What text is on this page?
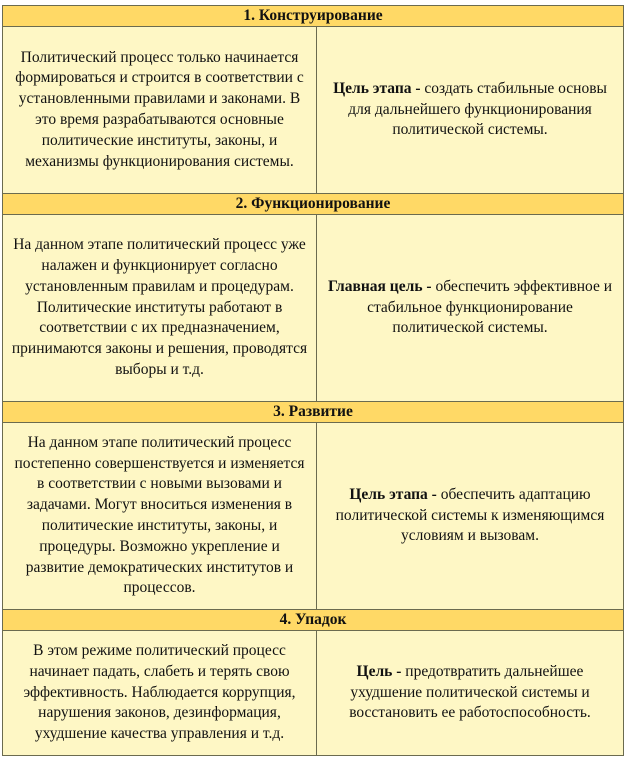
1. Конструирование	
Политический процесс только начинается формироваться и строится в соответствии с установленными правилами и законами. В это время разрабатываются основные политические институты, законы, и механизмы функционирования системы.	Цель этапа - создать стабильные основы для дальнейшего функционирования политической системы.
2. Функционирование	
На данном этапе политический процесс уже налажен и функционирует согласно установленным правилам и процедурам. Политические институты работают в соответствии с их предназначением, принимаются законы и решения, проводятся выборы и т.д.	Главная цель - обеспечить эффективное и стабильное функционирование политической системы.
3. Развитие	
На данном этапе политический процесс постепенно совершенствуется и изменяется в соответствии с новыми вызовами и задачами. Могут вноситься изменения в политические институты, законы, и процедуры. Возможно укрепление и развитие демократических институтов и процессов.	Цель этапа - обеспечить адаптацию политической системы к изменяющимся условиям и вызовам.
4. Упадок	
В этом режиме политический процесс начинает падать, слабеть и терять свою эффективность. Наблюдается коррупция, нарушения законов, дезинформация, ухудшение качества управления и т.д.	Цель - предотвратить дальнейшее ухудшение политической системы и восстановить ее работоспособность.
